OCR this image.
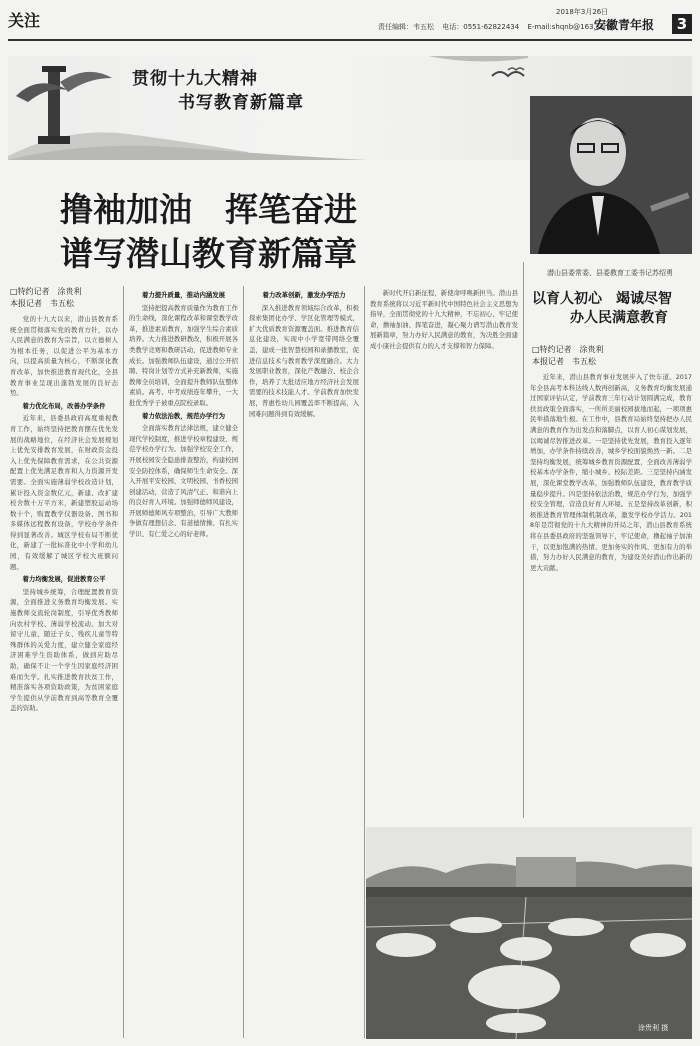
关注	2018年3月26日
责任编辑：韦五松 电话：0551-62822434 E-mail:shqnb@163.com
安徽青年报	3
贯彻十九大精神
书写教育新篇章
撸袖加油　挥笔奋进
谱写潜山教育新篇章	潜山县委常委、县委教育工委书记苏绍勇
以育人初心　竭诚尽智
办人民满意教育
□特约记者　涂贵利
本报记者　韦五松
□特约记者　涂贵利
本报记者　韦五松

党的十九大以来，潜山县教育系统全面贯彻落实党的教育方针，以办人民满意的教育为宗旨，以立德树人为根本任务，以促进公平为基本方向，以提高质量为核心，不断深化教育改革，加快推进教育现代化，全县教育事业呈现出蓬勃发展的良好态势。

着力优化布局，改善办学条件

近年来，县委县政府高度重视教育工作，始终坚持把教育摆在优先发展的战略地位，在经济社会发展规划上优先安排教育发展，在财政资金投入上优先保障教育需求，在公共资源配置上优先满足教育和人力资源开发需要。全面实施薄弱学校改造计划，累计投入资金数亿元，新建、改扩建校舍数十万平方米，新建塑胶运动场数十个，购置教学仪器设备、图书和多媒体远程教育设备，学校办学条件得到显著改善。城区学校布局不断优化，新建了一批标准化中小学和幼儿园，有效缓解了城区学校大班额问题。

着力均衡发展，促进教育公平

坚持城乡统筹，合理配置教育资源，全面推进义务教育均衡发展。实施教师交流轮岗制度，引导优秀教师向农村学校、薄弱学校流动。加大对留守儿童、随迁子女、残疾儿童等特殊群体的关爱力度，建立健全家庭经济困难学生资助体系，做到应助尽助，确保不让一个学生因家庭经济困难而失学。扎实推进教育扶贫工作，精准落实各项资助政策，为贫困家庭学生提供从学前教育到高等教育全覆盖的资助。

着力提升质量，推动内涵发展

坚持把提高教育质量作为教育工作的生命线，深化课程改革和课堂教学改革，推进素质教育，加强学生综合素质培养。大力推进教研教改，积极开展各类教学竞赛和教研活动，促进教师专业成长。加强教师队伍建设，通过公开招聘、特岗计划等方式补充新教师，实施教师全员培训，全面提升教师队伍整体素质。高考、中考成绩连年攀升，一大批优秀学子被重点院校录取。

着力依法治教，规范办学行为

全面落实教育法律法规，建立健全现代学校制度，推进学校章程建设，规范学校办学行为。加强学校安全工作，开展校园安全隐患排查整治，构建校园安全防控体系，确保师生生命安全。深入开展平安校园、文明校园、书香校园创建活动，营造了风清气正、和谐向上的良好育人环境。加强师德师风建设，开展师德师风专项整治，引导广大教师争做有理想信念、有道德情操、有扎实学识、有仁爱之心的好老师。

着力改革创新，激发办学活力

深入推进教育领域综合改革，积极探索集团化办学、学区化管理等模式，扩大优质教育资源覆盖面。推进教育信息化建设，实现中小学宽带网络全覆盖，建成一批智慧校园和录播教室，促进信息技术与教育教学深度融合。大力发展职业教育，深化产教融合、校企合作，培养了大批适应地方经济社会发展需要的技术技能人才。学前教育加快发展，普惠性幼儿园覆盖率不断提高，入园难问题得到有效缓解。

新时代开启新征程，新使命呼唤新担当。潜山县教育系统将以习近平新时代中国特色社会主义思想为指导，全面贯彻党的十九大精神，不忘初心、牢记使命，撸袖加油、挥笔奋进，凝心聚力谱写潜山教育发展新篇章，努力办好人民满意的教育，为决胜全面建成小康社会提供有力的人才支撑和智力保障。

近年来，潜山县教育事业发展步入了快车道。2017年全县高考本科达线人数再创新高，义务教育均衡发展通过国家评估认定，学前教育三年行动计划圆满完成，教育扶贫政策全面落实，一所所美丽校园拔地而起，一项项惠民举措落地生根。在工作中，县教育局始终坚持把办人民满意的教育作为出发点和落脚点，以育人初心谋划发展，以竭诚尽智推进改革。一是坚持优先发展，教育投入逐年增加，办学条件持续改善，城乡学校面貌焕然一新。二是坚持均衡发展，统筹城乡教育资源配置，全面改善薄弱学校基本办学条件，缩小城乡、校际差距。三是坚持内涵发展，深化课堂教学改革，加强教师队伍建设，教育教学质量稳步提升。四是坚持依法治教，规范办学行为，加强学校安全管理，营造良好育人环境。五是坚持改革创新，积极推进教育管理体制机制改革，激发学校办学活力。2018年是贯彻党的十九大精神的开局之年，潜山县教育系统将在县委县政府的坚强领导下，牢记使命，撸起袖子加油干，以更加饱满的热情、更加务实的作风、更加有力的举措，努力办好人民满意的教育，为建设美好潜山作出新的更大贡献。

涂贵利 摄
